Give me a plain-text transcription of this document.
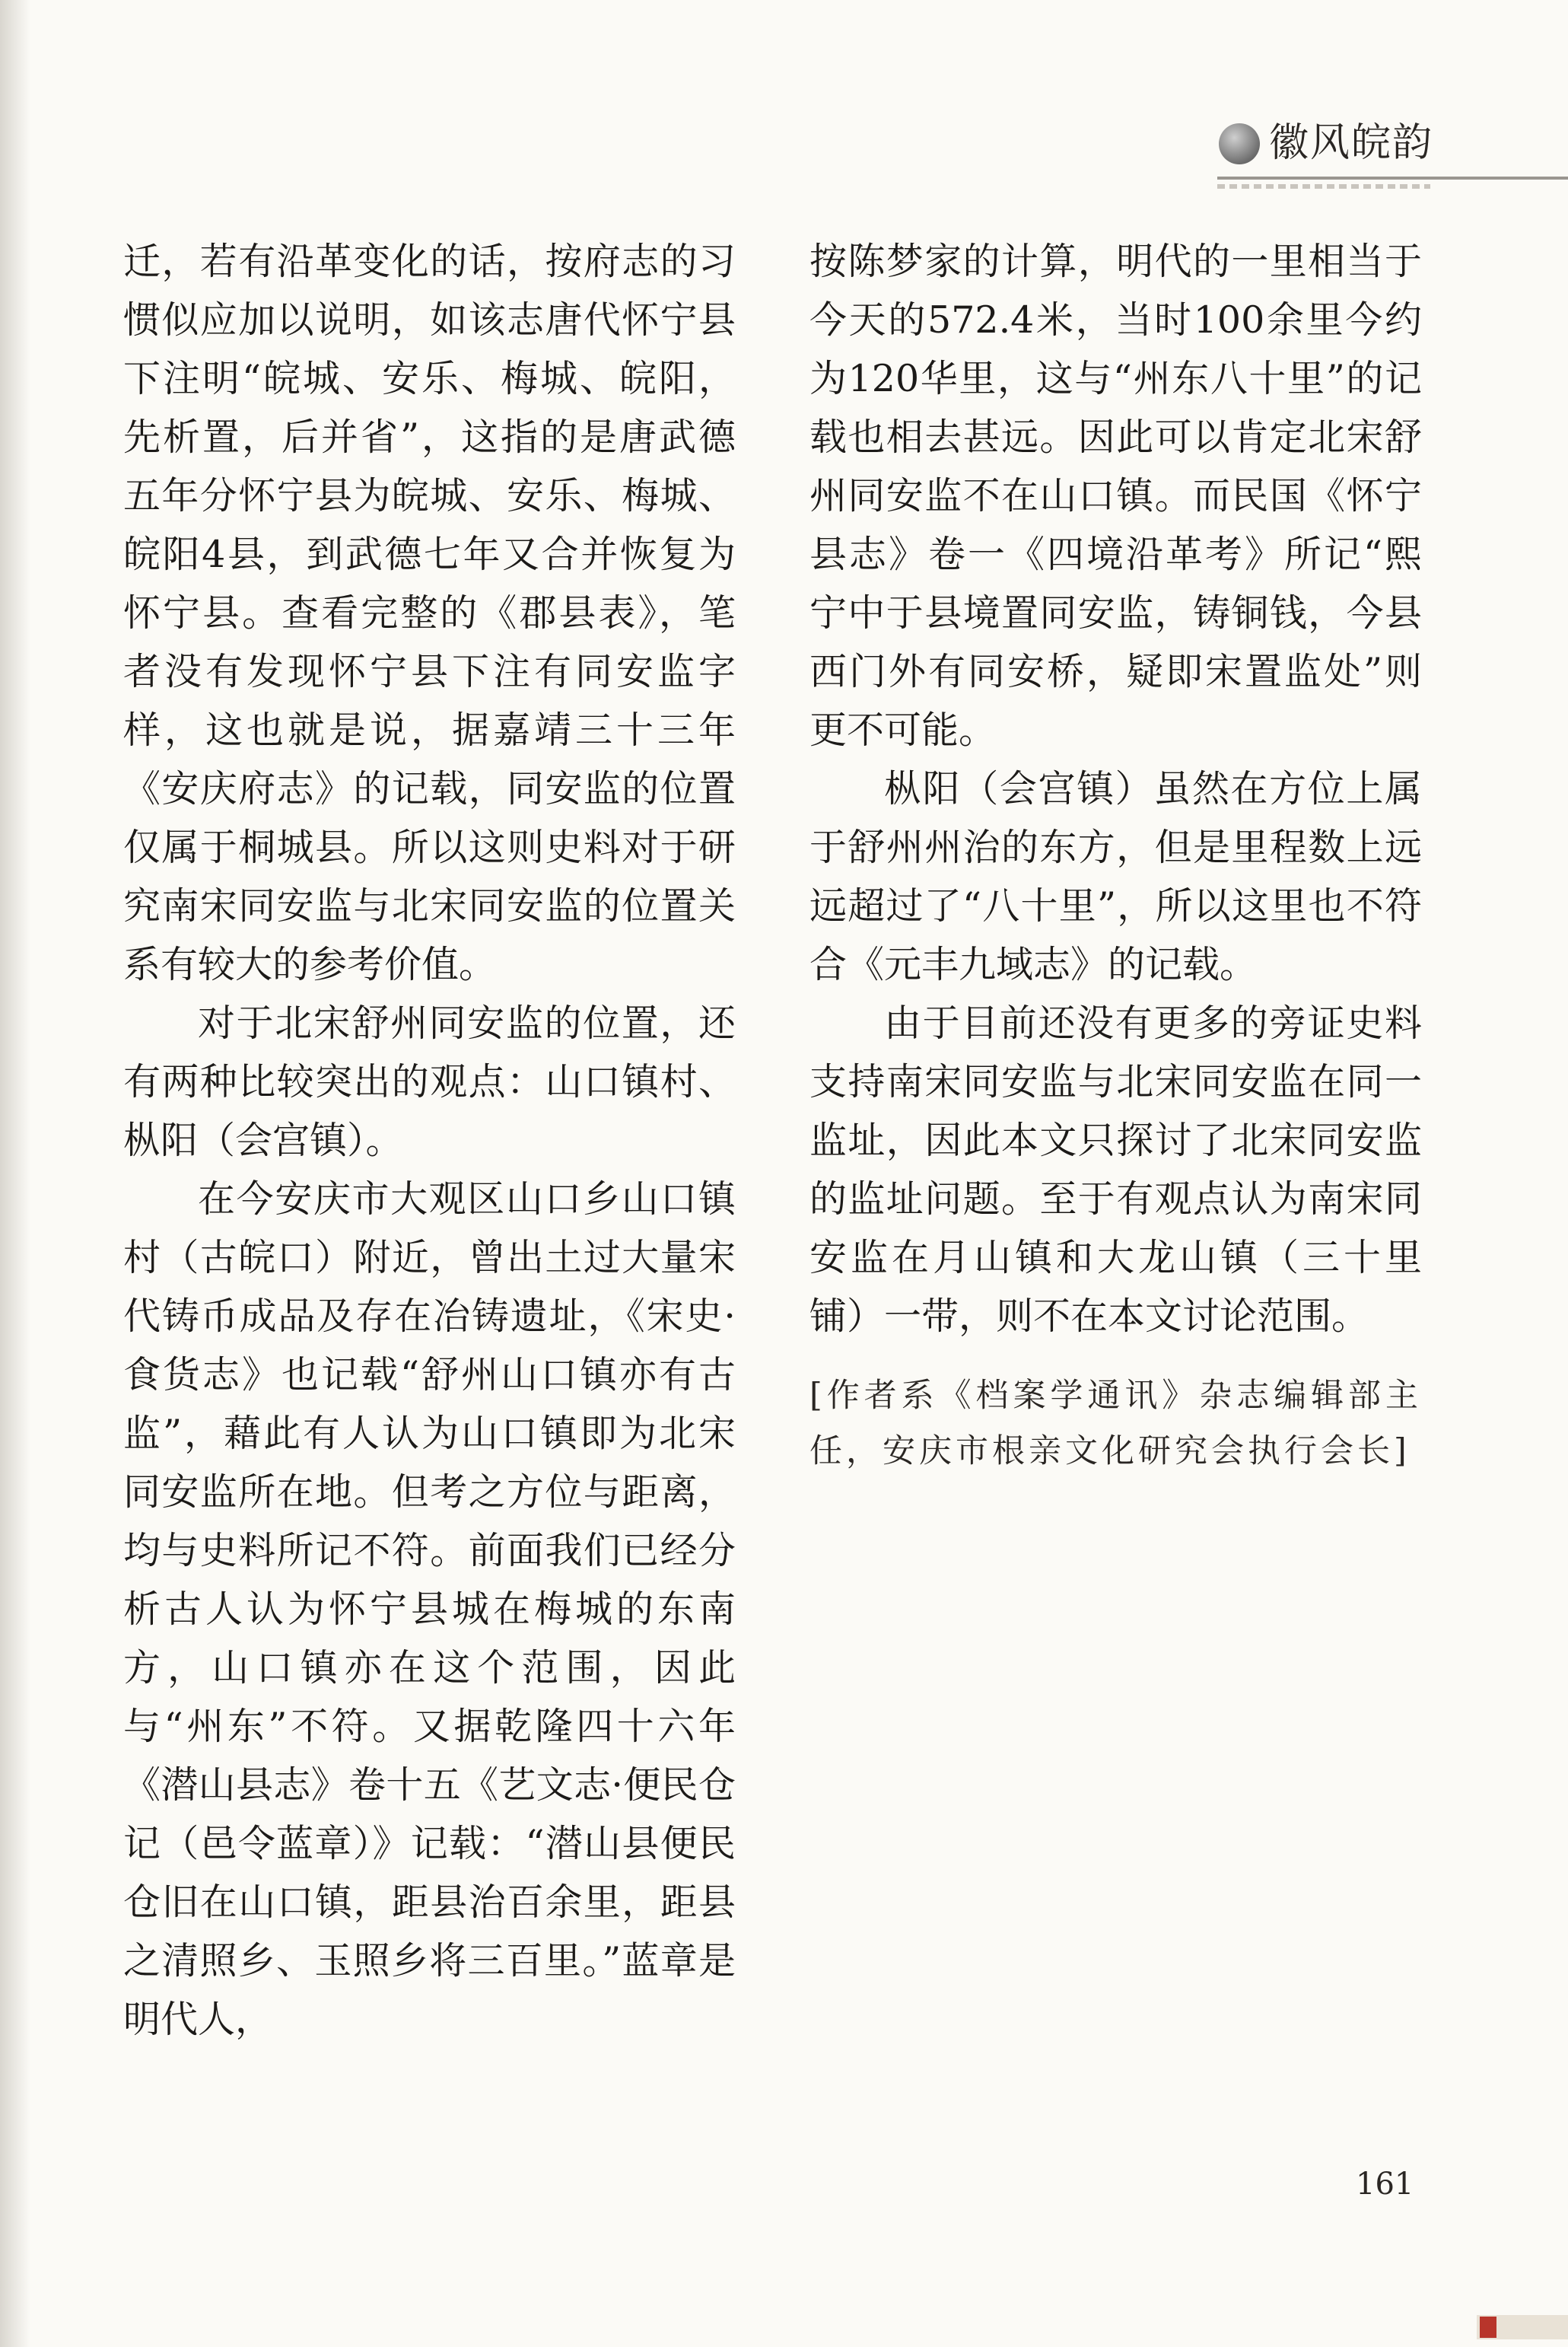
徽风皖韵

迁，若有沿革变化的话，按府志的习惯似应加以说明，如该志唐代怀宁县下注明“皖城、安乐、梅城、皖阳，先析置，后并省”，这指的是唐武德五年分怀宁县为皖城、安乐、梅城、皖阳4县，到武德七年又合并恢复为怀宁县。查看完整的《郡县表》，笔者没有发现怀宁县下注有同安监字样，这也就是说，据嘉靖三十三年《安庆府志》的记载，同安监的位置仅属于桐城县。所以这则史料对于研究南宋同安监与北宋同安监的位置关系有较大的参考价值。

对于北宋舒州同安监的位置，还有两种比较突出的观点：山口镇村、枞阳（会宫镇）。

在今安庆市大观区山口乡山口镇村（古皖口）附近，曾出土过大量宋代铸币成品及存在冶铸遗址，《宋史·食货志》也记载“舒州山口镇亦有古监”，藉此有人认为山口镇即为北宋同安监所在地。但考之方位与距离，均与史料所记不符。前面我们已经分析古人认为怀宁县城在梅城的东南方，山口镇亦在这个范围，因此与“州东”不符。又据乾隆四十六年《潜山县志》卷十五《艺文志·便民仓记（邑令蓝章）》记载：“潜山县便民仓旧在山口镇，距县治百余里，距县之清照乡、玉照乡将三百里。”蓝章是明代人，

按陈梦家的计算，明代的一里相当于今天的572.4米，当时100余里今约为120华里，这与“州东八十里”的记载也相去甚远。因此可以肯定北宋舒州同安监不在山口镇。而民国《怀宁县志》卷一《四境沿革考》所记“熙宁中于县境置同安监，铸铜钱，今县西门外有同安桥，疑即宋置监处”则更不可能。

枞阳（会宫镇）虽然在方位上属于舒州州治的东方，但是里程数上远远超过了“八十里”，所以这里也不符合《元丰九域志》的记载。

由于目前还没有更多的旁证史料支持南宋同安监与北宋同安监在同一监址，因此本文只探讨了北宋同安监的监址问题。至于有观点认为南宋同安监在月山镇和大龙山镇（三十里铺）一带，则不在本文讨论范围。

[作者系《档案学通讯》杂志编辑部主任，安庆市根亲文化研究会执行会长]

161
